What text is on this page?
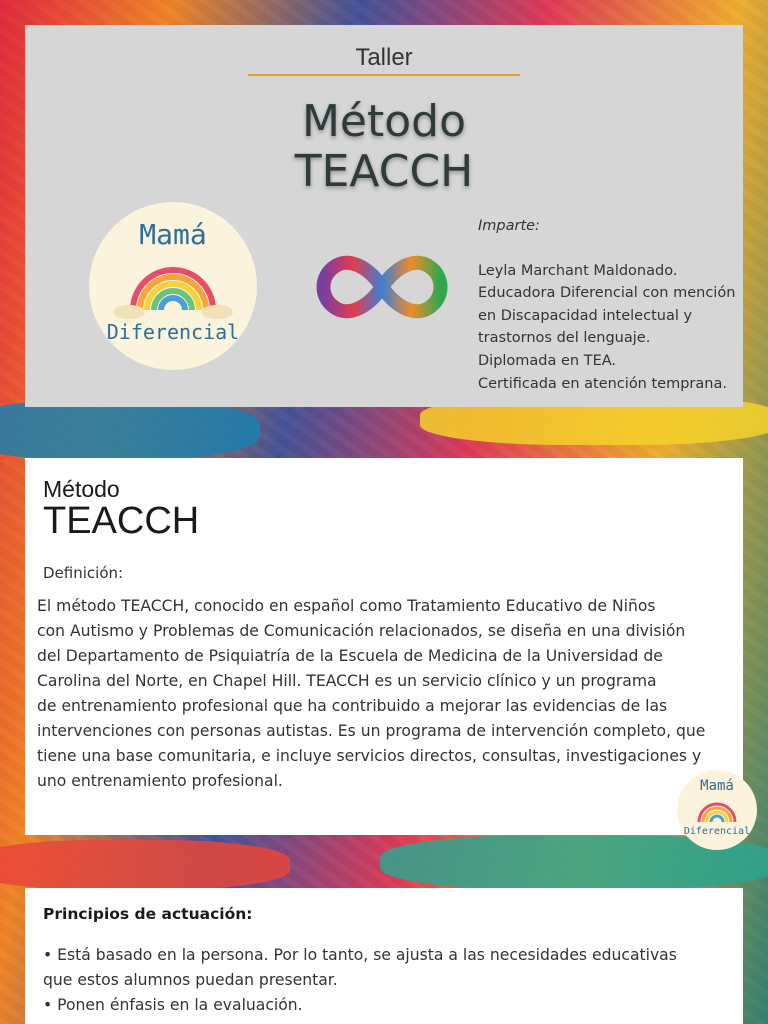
Taller
Método
TEACCH
Mamá
Diferencial
Imparte:
Leyla Marchant Maldonado.
Educadora Diferencial con mención
en Discapacidad intelectual y
trastornos del lenguaje.
Diplomada en TEA.
Certificada en atención temprana.
Método
TEACCH
Definición:
El método TEACCH, conocido en español como Tratamiento Educativo de Niños
con Autismo y Problemas de Comunicación relacionados, se diseña en una división
del Departamento de Psiquiatría de la Escuela de Medicina de la Universidad de
Carolina del Norte, en Chapel Hill. TEACCH es un servicio clínico y un programa
de entrenamiento profesional que ha contribuido a mejorar las evidencias de las
intervenciones con personas autistas. Es un programa de intervención completo, que
tiene una base comunitaria, e incluye servicios directos, consultas, investigaciones y
uno entrenamiento profesional.	Mamá
Diferencial
Principios de actuación:
• Está basado en la persona. Por lo tanto, se ajusta a las necesidades educativas
que estos alumnos puedan presentar.
• Ponen énfasis en la evaluación.
